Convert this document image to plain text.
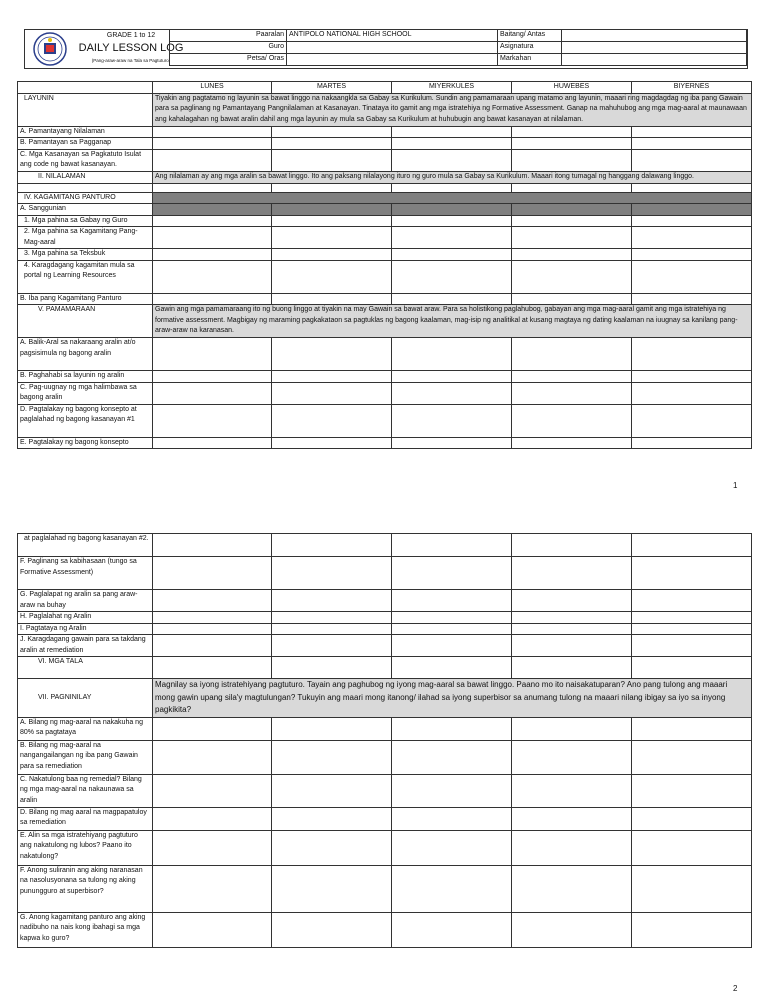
GRADE 1 to 12
DAILY LESSON LOG
(Pang-araw-araw na Tala sa Pagtuturo)
Paaralan	ANTIPOLO NATIONAL HIGH SCHOOL	Baitang/ Antas	
Guro		Asignatura	
Petsa/ Oras		Markahan	
	LUNES	MARTES	MIYERKULES	HUWEBES	BIYERNES
LAYUNIN	Tiyakin ang pagtatamo ng layunin sa bawat linggo na nakaangkla sa Gabay sa Kurikulum. Sundin ang pamamaraan upang matamo ang layunin, maaari ring magdagdag ng iba pang Gawain para sa paglinang ng Pamantayang Pangnilalaman at Kasanayan. Tinataya ito gamit ang mga istratehiya ng Formative Assessment. Ganap na mahuhubog ang mga mag-aaral at maunawaan ang kahalagahan ng bawat aralin dahil ang mga layunin ay mula sa Gabay sa Kurikulum at huhubugin ang bawat kasanayan at nilalaman.				
A. Pamantayang Nilalaman					
B. Pamantayan sa Pagganap					
C. Mga Kasanayan sa Pagkatuto Isulat ang code ng bawat kasanayan.					
II. NILALAMAN	Ang nilalaman ay ang mga aralin sa bawat linggo. Ito ang paksang nilalayong ituro ng guro mula sa Gabay sa Kurikulum. Maaari itong tumagal ng hanggang dalawang linggo.				

IV. KAGAMITANG PANTURO					
A. Sanggunian					
1. Mga pahina sa Gabay ng Guro					
2. Mga pahina sa Kagamitang Pang-Mag-aaral					
3. Mga pahina sa Teksbuk					
4. Karagdagang kagamitan mula sa portal ng Learning Resources					
B. Iba pang Kagamitang Panturo					
V. PAMAMARAAN	Gawin ang mga pamamaraang ito ng buong linggo at tiyakin na may Gawain sa bawat araw. Para sa holistikong paglahubog, gabayan ang mga mag-aaral gamit ang mga istratehiya ng formative assessment. Magbigay ng maraming pagkakataon sa pagtuklas ng bagong kaalaman, mag-isip ng analitikal at kusang magtaya ng dating kaalaman na iuugnay sa kanilang pang-araw-araw na karanasan.				
A. Balik-Aral sa nakaraang aralin at/o pagsisimula ng bagong aralin					
B. Paghahabi sa layunin ng aralin					
C. Pag-uugnay ng mga halimbawa sa bagong aralin					
D. Pagtalakay ng bagong konsepto at paglalahad ng bagong kasanayan #1					
E. Pagtalakay ng bagong konsepto					
1
at paglalahad ng bagong kasanayan #2.					
F. Paglinang sa kabihasaan (tungo sa Formative Assessment)					
G. Paglalapat ng aralin sa pang araw-araw na buhay					
H. Paglalahat ng Aralin					
I. Pagtataya ng Aralin					
J. Karagdagang gawain para sa takdang aralin at remediation					
VI. MGA TALA					
VII. PAGNINILAY	Magnilay sa iyong istratehiyang pagtuturo. Tayain ang paghubog ng iyong mag-aaral sa bawat linggo. Paano mo ito naisakatuparan? Ano pang tulong ang maaari mong gawin upang sila'y magtulungan? Tukuyin ang maari mong itanong/ ilahad sa iyong superbisor sa anumang tulong na maaari nilang ibigay sa iyo sa inyong pagkikita?				
A. Bilang ng mag-aaral na nakakuha ng 80% sa pagtataya					
B. Bilang ng mag-aaral na nangangailangan ng iba pang Gawain para sa remediation					
C. Nakatulong baa ng remedial? Bilang ng mga mag-aaral na nakaunawa sa aralin					
D. Bilang ng mag aaral na magpapatuloy sa remediation					
E. Alin sa mga istratehiyang pagtuturo ang nakatulong ng lubos? Paano ito nakatulong?					
F. Anong suliranin ang aking naranasan na nasolusyonana sa tulong ng aking punungguro at superbisor?					
G. Anong kagamitang panturo ang aking nadibuho na nais kong ibahagi sa mga kapwa ko guro?					
2
